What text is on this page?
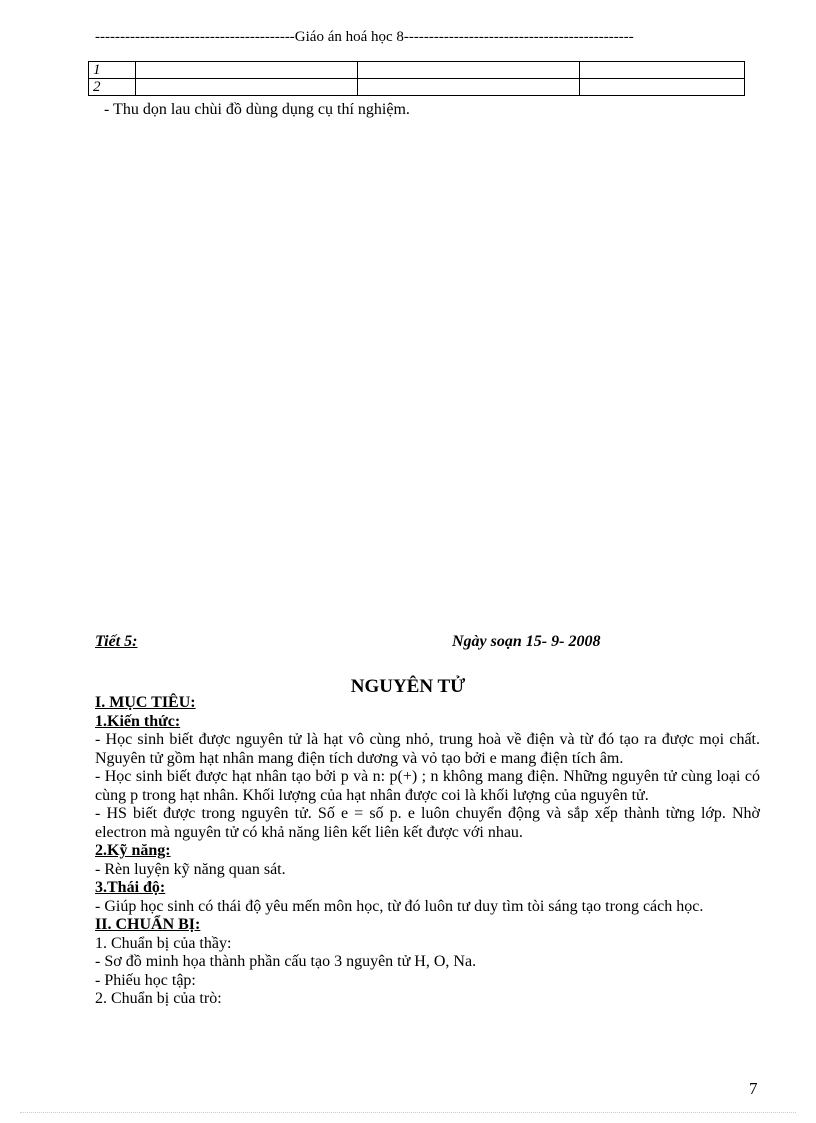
----------------------------------------Giáo án hoá học 8----------------------------------------------
1			
2			
- Thu dọn lau chùi đồ dùng dụng cụ thí nghiệm.
Tiết 5:	Ngày soạn 15- 9- 2008
NGUYÊN TỬ

I. MỤC TIÊU:

1.Kiến thức:

- Học sinh biết được nguyên tử là hạt vô cùng nhỏ, trung hoà về điện và từ đó tạo ra được mọi chất. Nguyên tử gồm hạt nhân mang điện tích dương và vỏ tạo bởi e mang điện tích âm.

- Học sinh biết được hạt nhân tạo bởi p và n: p(+) ; n không mang điện. Những nguyên tử cùng loại có cùng p trong hạt nhân. Khối lượng của hạt nhân được coi là khối lượng của nguyên tử.

- HS biết được trong nguyên tử. Số e = số p. e luôn chuyển động và sắp xếp thành từng lớp. Nhờ electron mà nguyên tử có khả năng liên kết liên kết được với nhau.

2.Kỹ năng:

- Rèn luyện kỹ năng quan sát.

3.Thái độ:

- Giúp học sinh có thái độ yêu mến môn học, từ đó luôn tư duy tìm tòi sáng tạo trong cách học.

II. CHUẨN BỊ:

1. Chuẩn bị của thầy:

- Sơ đồ minh họa thành phần cấu tạo 3 nguyên tử H, O, Na.

- Phiếu học tập:

2. Chuẩn bị của trò:

7
